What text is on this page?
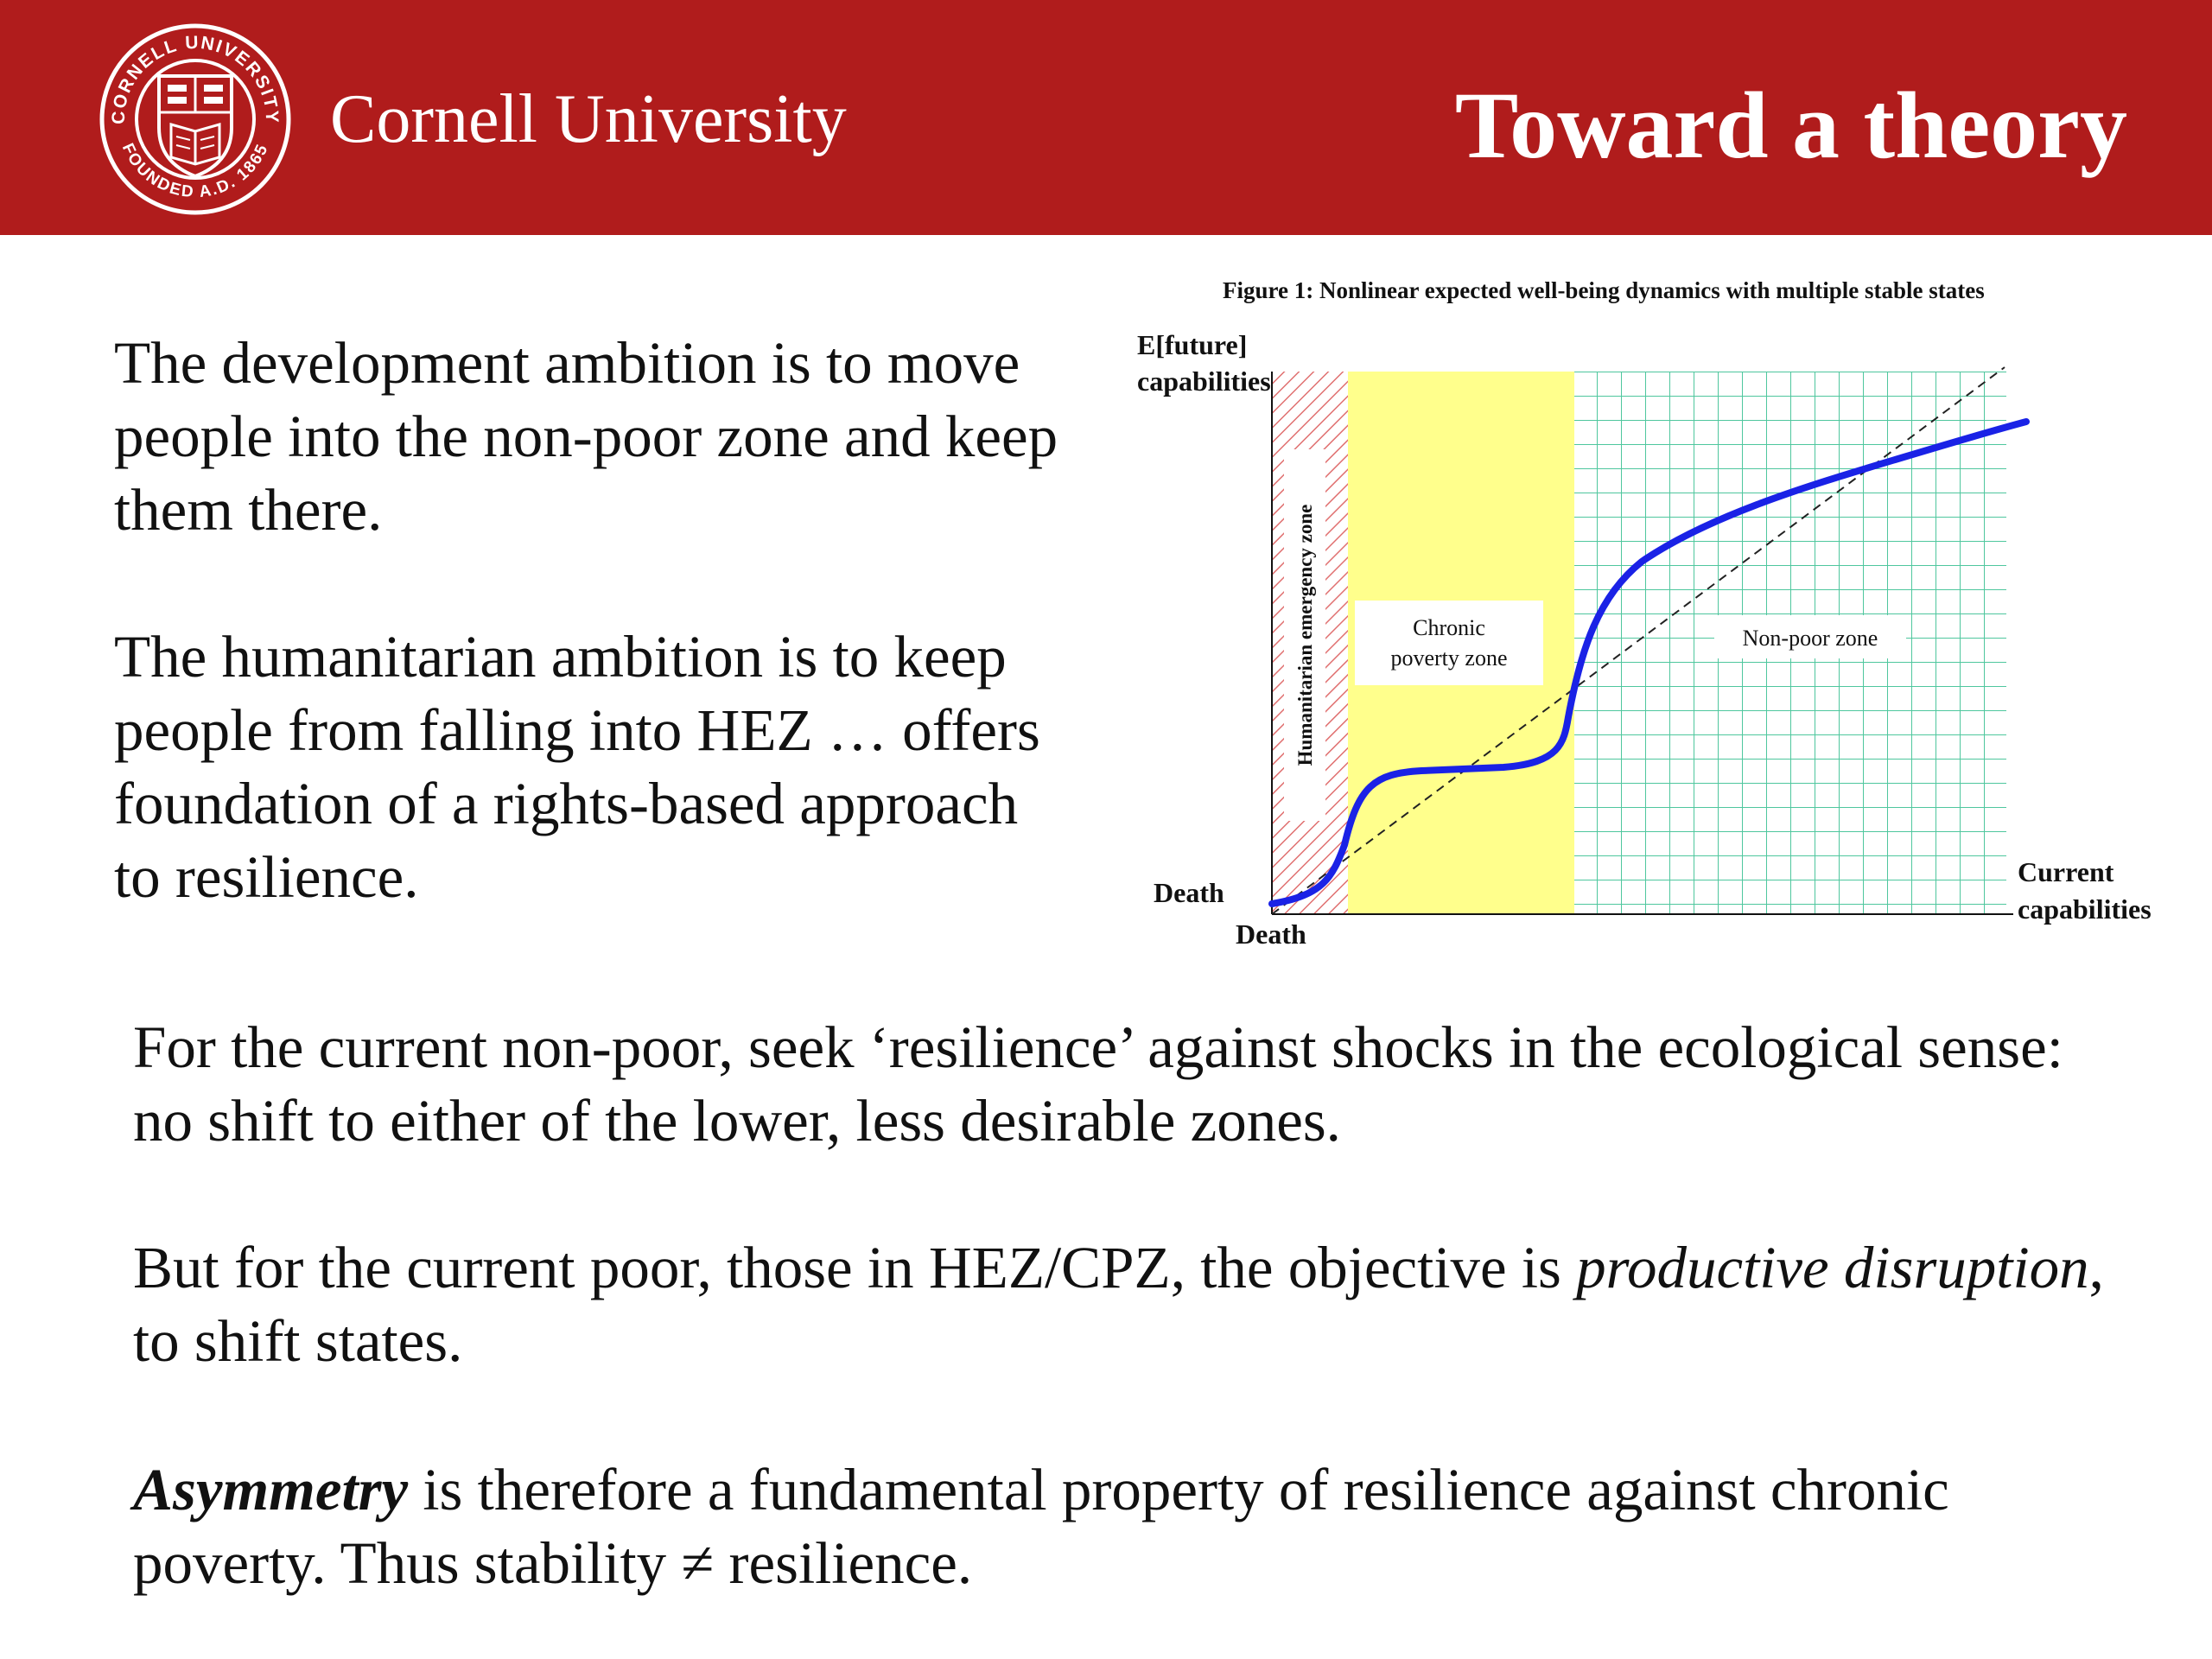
CORNELL UNIVERSITY
FOUNDED A.D. 1865 Cornell University	Toward a theory

The development ambition is to move people into the non-poor zone and keep them there.

The humanitarian ambition is to keep people from falling into HEZ … offers foundation of a rights-based approach to resilience.

Figure 1: Nonlinear expected well-being dynamics with multiple stable states
Humanitarian emergency zone	Chronic
poverty zone
Non-poor zone
E[future]
capabilities
Current
capabilities
Death
Death

For the current non-poor, seek ‘resilience’ against shocks in the ecological sense: no shift to either of the lower, less desirable zones.

But for the current poor, those in HEZ/CPZ, the objective is productive disruption, to shift states.

Asymmetry is therefore a fundamental property of resilience against chronic poverty. Thus stability ≠ resilience.
